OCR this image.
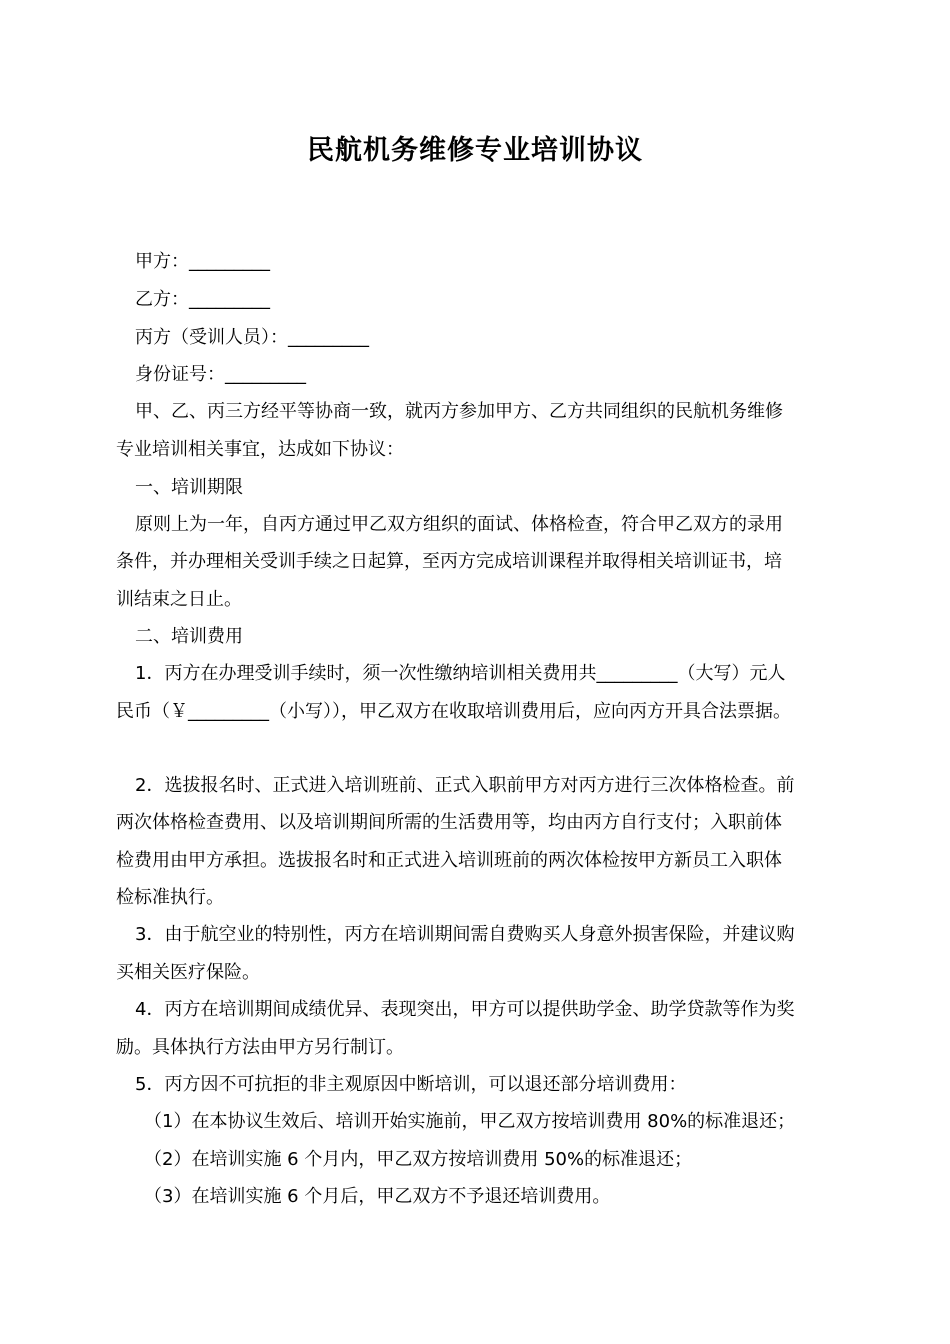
民航机务维修专业培训协议
甲方：_________
乙方：_________
丙方（受训人员）：_________
身份证号：_________
甲、乙、丙三方经平等协商一致，就丙方参加甲方、乙方共同组织的民航机务维修
专业培训相关事宜，达成如下协议：
一、培训期限
原则上为一年，自丙方通过甲乙双方组织的面试、体格检查，符合甲乙双方的录用
条件，并办理相关受训手续之日起算，至丙方完成培训课程并取得相关培训证书，培
训结束之日止。
二、培训费用
1．丙方在办理受训手续时，须一次性缴纳培训相关费用共_________（大写）元人
民币（￥_________（小写）），甲乙双方在收取培训费用后，应向丙方开具合法票据。
2．选拔报名时、正式进入培训班前、正式入职前甲方对丙方进行三次体格检查。前
两次体格检查费用、以及培训期间所需的生活费用等，均由丙方自行支付；入职前体
检费用由甲方承担。选拔报名时和正式进入培训班前的两次体检按甲方新员工入职体
检标准执行。
3．由于航空业的特别性，丙方在培训期间需自费购买人身意外损害保险，并建议购
买相关医疗保险。
4．丙方在培训期间成绩优异、表现突出，甲方可以提供助学金、助学贷款等作为奖
励。具体执行方法由甲方另行制订。
5．丙方因不可抗拒的非主观原因中断培训，可以退还部分培训费用：
（1）在本协议生效后、培训开始实施前，甲乙双方按培训费用 80%的标准退还；
（2）在培训实施 6 个月内，甲乙双方按培训费用 50%的标准退还；
（3）在培训实施 6 个月后，甲乙双方不予退还培训费用。
